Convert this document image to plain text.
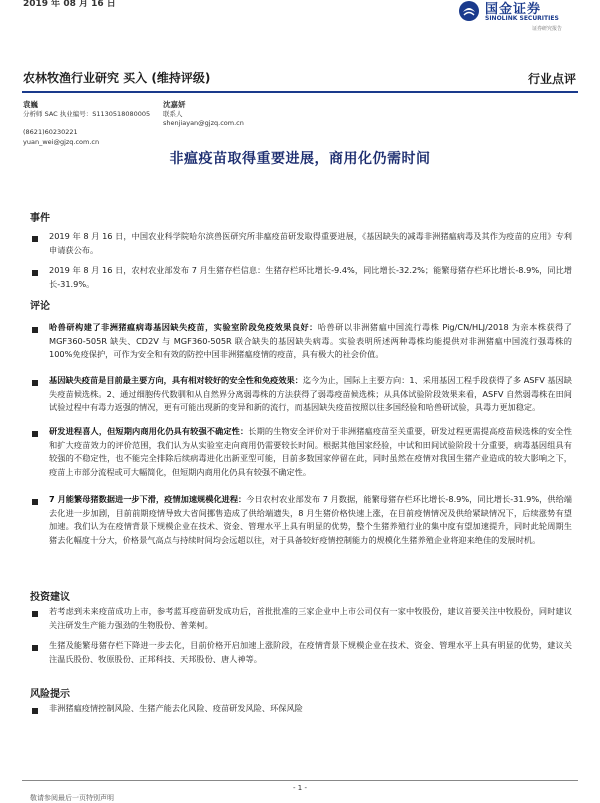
2019 年 08 月 16 日	国金证券
SINOLINK SECURITIES
证券研究报告
农林牧渔行业研究 买入 (维持评级)	行业点评
袁巍
分析师 SAC 执业编号：S1130518080005
(8621)60230221
yuan_wei@gjzq.com.cn
沈嘉妍
联系人
shenjiayan@gjzq.com.cn
非瘟疫苗取得重要进展，商用化仍需时间
事件
2019 年 8 月 16 日，中国农业科学院哈尔滨兽医研究所非瘟疫苗研发取得重要进展，《基因缺失的减毒非洲猪瘟病毒及其作为疫苗的应用》专利申请获公布。
2019 年 8 月 16 日，农村农业部发布 7 月生猪存栏信息：生猪存栏环比增长-9.4%，同比增长-32.2%；能繁母猪存栏环比增长-8.9%，同比增长-31.9%。
评论
哈兽研构建了非洲猪瘟病毒基因缺失疫苗，实验室阶段免疫效果良好：哈兽研以非洲猪瘟中国流行毒株 Pig/CN/HLJ/2018 为亲本株获得了 MGF360-505R 缺失、CD2V 与 MGF360-505R 联合缺失的基因缺失病毒。实验表明所述两种毒株均能提供对非洲猪瘟中国流行强毒株的 100%免疫保护，可作为安全和有效的防控中国非洲猪瘟疫情的疫苗，具有极大的社会价值。
基因缺失疫苗是目前最主要方向，具有相对较好的安全性和免疫效果：迄今为止，国际上主要方向：1、采用基因工程手段获得了多 ASFV 基因缺失疫苗候选株。2、通过细胞传代数驯和从自然界分离弱毒株的方法获得了弱毒疫苗候选株；从具体试验阶段效果来看，ASFV 自然弱毒株在田间试验过程中有毒力返强的情况，更有可能出现新的变异和新的流行，而基因缺失疫苗按照以往多国经验和哈兽研试验，具毒力更加稳定。
研发进程喜人，但短期内商用化仍具有较强不确定性：长期的生物安全评价对于非洲猪瘟疫苗至关重要，研发过程更需提高疫苗候选株的安全性和扩大疫苗效力的评价范围，我们认为从实验室走向商用仍需要较长时间。根据其他国家经验，中试和田间试验阶段十分重要，病毒基因组具有较强的不稳定性，也不能完全排除后续病毒进化出新亚型可能，目前多数国家停留在此，同时虽然在疫情对我国生猪产业造成的较大影响之下，疫苗上市部分流程或可大幅简化，但短期内商用化仍具有较强不确定性。
7 月能繁母猪数据进一步下滑，疫情加速规模化进程：今日农村农业部发布 7 月数据，能繁母猪存栏环比增长-8.9%，同比增长-31.9%，供给端去化进一步加剧，目前前期疫情导致大省间挪售造成了供给端遗失，8 月生猪价格快速上涨，在目前疫情情况及供给紧缺情况下，后续涨势有望加速。我们认为在疫情背景下规模企业在技术、资金、管理水平上具有明显的优势，整个生猪养殖行业的集中度有望加速提升，同时此轮周期生猪去化幅度十分大，价格景气高点与持续时间均会远超以往，对于具备较好疫情控制能力的规模化生猪养殖企业将迎来绝佳的发展时机。
投资建议
若考虑到未来疫苗成功上市，参考蓝耳疫苗研发成功后，首批批准的三家企业中上市公司仅有一家中牧股份，建议首要关注中牧股份，同时建议关注研发生产能力强劲的生物股份、普莱柯。
生猪及能繁母猪存栏下降进一步去化，目前价格开启加速上涨阶段，在疫情背景下规模企业在技术、资金、管理水平上具有明显的优势，建议关注温氏股份、牧原股份、正邦科技、天邦股份、唐人神等。
风险提示
非洲猪瘟疫情控制风险、生猪产能去化风险、疫苗研发风险、环保风险
- 1 -
敬请参阅最后一页特别声明
